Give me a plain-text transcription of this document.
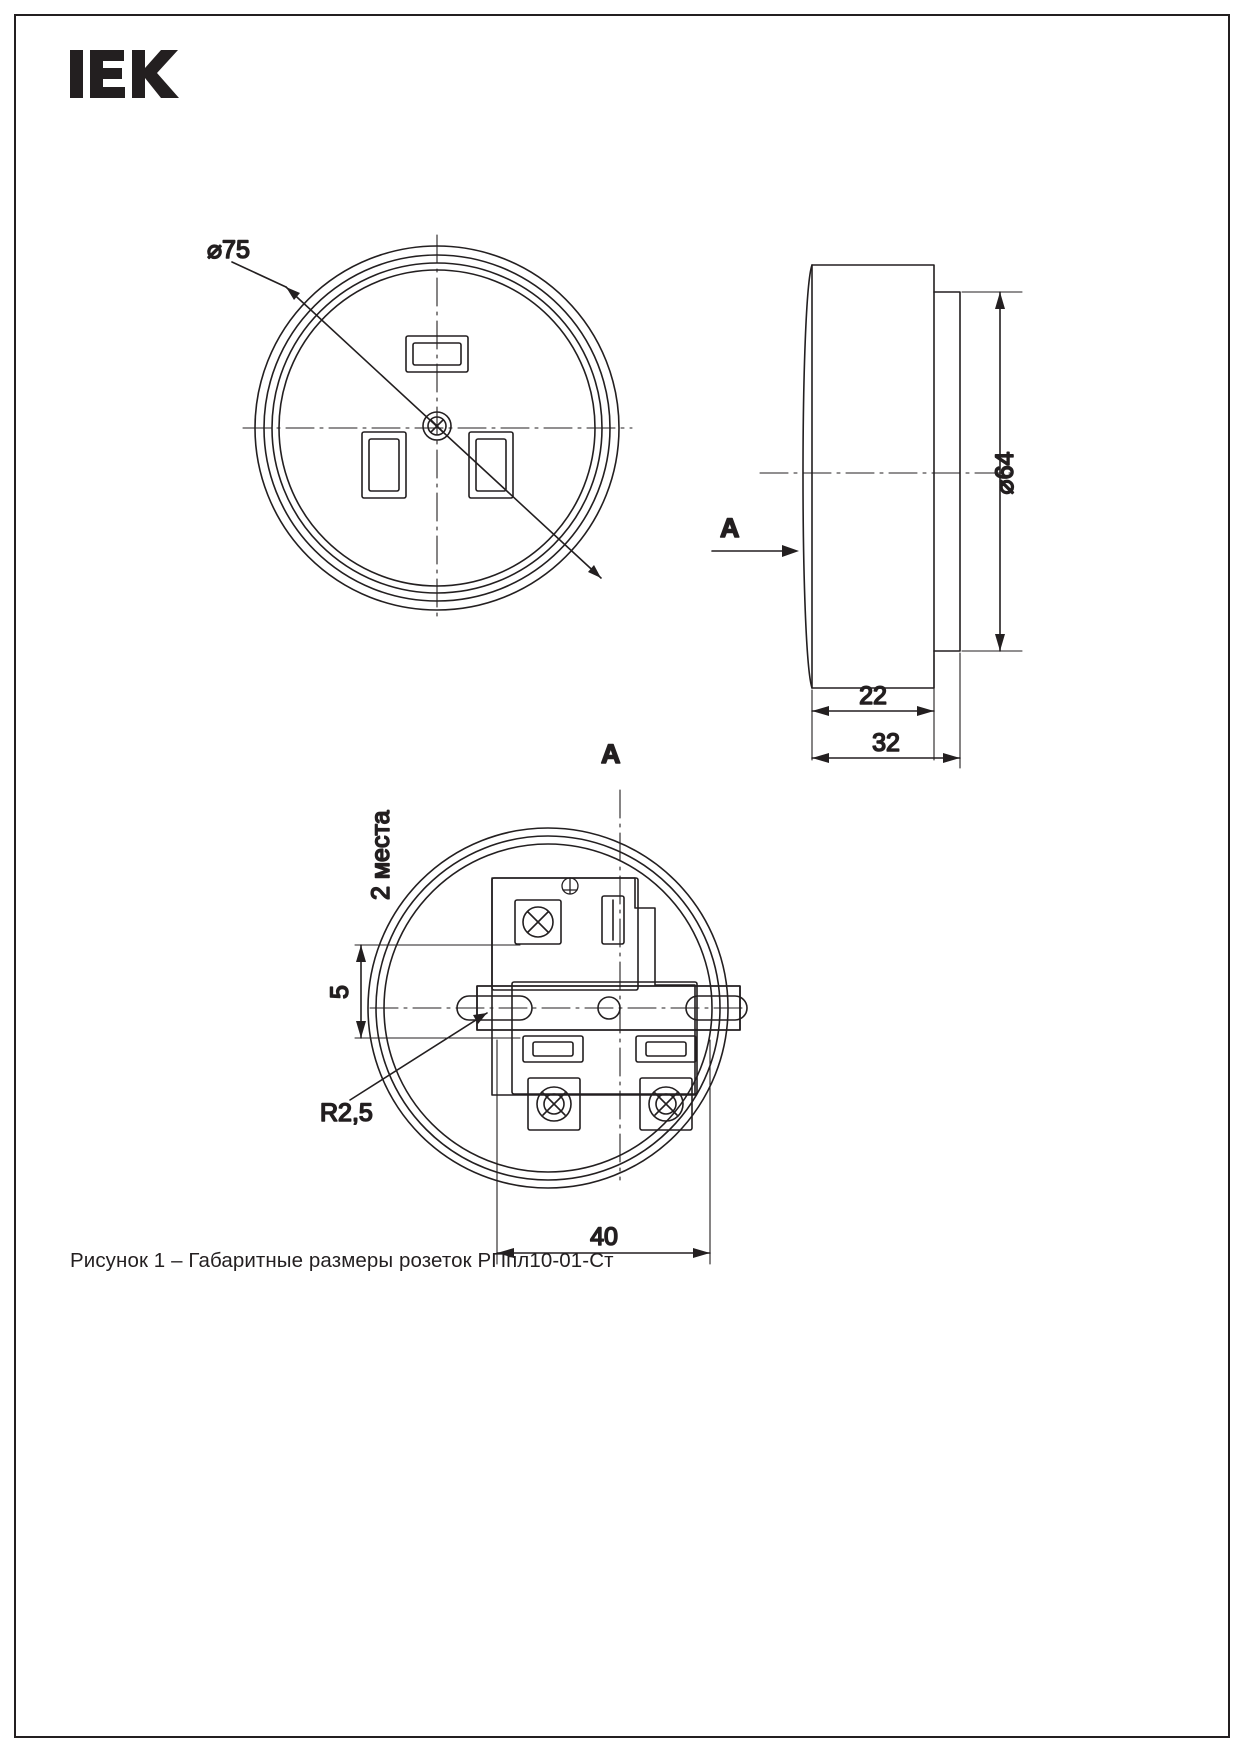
⌀75
A
A
⌀64
22
32
5
2 места
R2,5
40
Рисунок 1 – Габаритные размеры розеток РПпл10-01-Ст
